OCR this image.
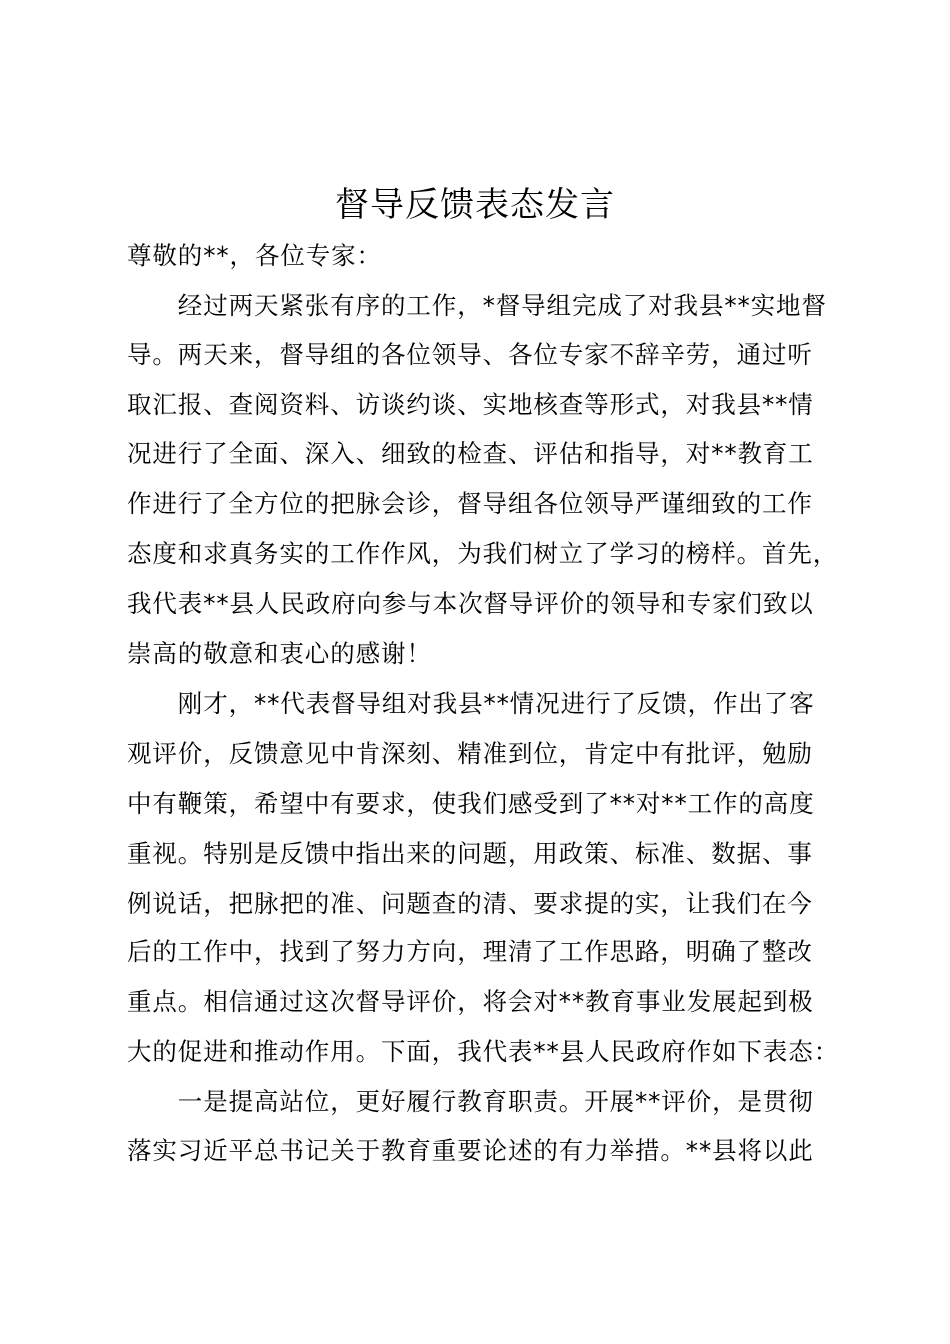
督导反馈表态发言
尊敬的**，各位专家：
　　经过两天紧张有序的工作，*督导组完成了对我县**实地督
导。两天来，督导组的各位领导、各位专家不辞辛劳，通过听
取汇报、查阅资料、访谈约谈、实地核查等形式，对我县**情
况进行了全面、深入、细致的检查、评估和指导，对**教育工
作进行了全方位的把脉会诊，督导组各位领导严谨细致的工作
态度和求真务实的工作作风，为我们树立了学习的榜样。首先，
我代表**县人民政府向参与本次督导评价的领导和专家们致以
崇高的敬意和衷心的感谢！
　　刚才，**代表督导组对我县**情况进行了反馈，作出了客
观评价，反馈意见中肯深刻、精准到位，肯定中有批评，勉励
中有鞭策，希望中有要求，使我们感受到了**对**工作的高度
重视。特别是反馈中指出来的问题，用政策、标准、数据、事
例说话，把脉把的准、问题查的清、要求提的实，让我们在今
后的工作中，找到了努力方向，理清了工作思路，明确了整改
重点。相信通过这次督导评价，将会对**教育事业发展起到极
大的促进和推动作用。下面，我代表**县人民政府作如下表态：
　　一是提高站位，更好履行教育职责。开展**评价，是贯彻
落实习近平总书记关于教育重要论述的有力举措。**县将以此
